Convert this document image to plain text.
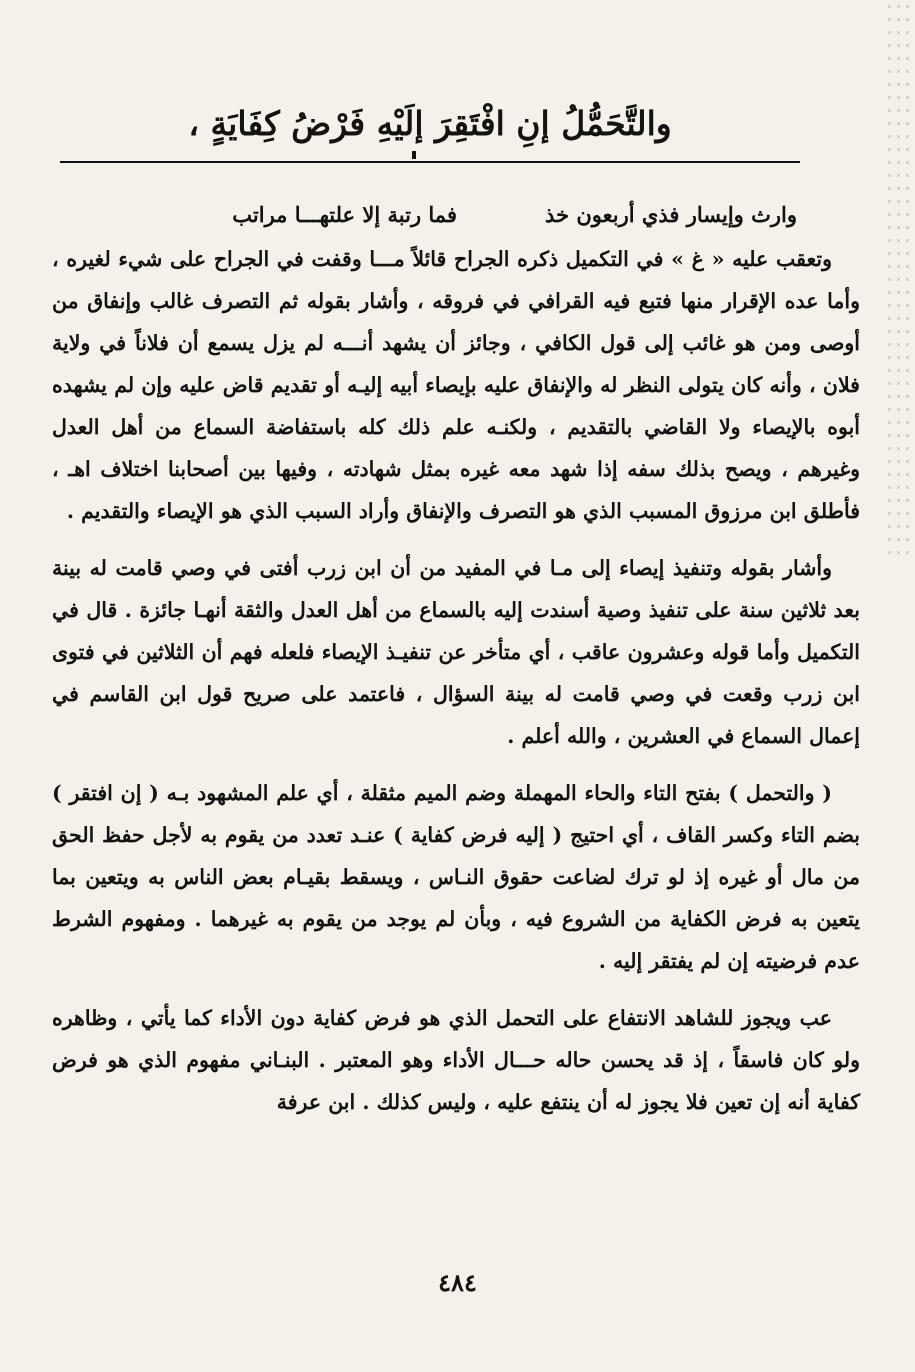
والتَّحَمُّلُ إنِ افْتَقِرَ إلَيْهِ فَرْضُ كِفَايَةٍ ،
وارث وإيسار فذي أربعون خذ
فما رتبة إلا علتهـــا مراتب

وتعقب عليه « غ » في التكميل ذكره الجراح قائلاً مـــا وقفت في الجراح على شيء لغيره ، وأما عده الإقرار منها فتبع فيه القرافي في فروقه ، وأشار بقوله ثم التصرف غالب وإنفاق من أوصى ومن هو غائب إلى قول الكافي ، وجائز أن يشهد أنـــه لم يزل يسمع أن فلاناً في ولاية فلان ، وأنه كان يتولى النظر له والإنفاق عليه بإيصاء أبيه إليـه أو تقديم قاض عليه وإن لم يشهده أبوه بالإيصاء ولا القاضي بالتقديم ، ولكنـه علم ذلك كله باستفاضة السماع من أهل العدل وغيرهم ، ويصح بذلك سفه إذا شهد معه غيره بمثل شهادته ، وفيها بين أصحابنا اختلاف اهـ ، فأطلق ابن مرزوق المسبب الذي هو التصرف والإنفاق وأراد السبب الذي هو الإيصاء والتقديم .

وأشار بقوله وتنفيذ إيصاء إلى مـا في المفيد من أن ابن زرب أفتى في وصي قامت له بينة بعد ثلاثين سنة على تنفيذ وصية أسندت إليه بالسماع من أهل العدل والثقة أنهـا جائزة . قال في التكميل وأما قوله وعشرون عاقب ، أي متأخر عن تنفيـذ الإيصاء فلعله فهم أن الثلاثين في فتوى ابن زرب وقعت في وصي قامت له بينة السؤال ، فاعتمد على صريح قول ابن القاسم في إعمال السماع في العشرين ، والله أعلم .

( والتحمل ) بفتح التاء والحاء المهملة وضم الميم مثقلة ، أي علم المشهود بـه ( إن افتقر ) بضم التاء وكسر القاف ، أي احتيج ( إليه فرض كفاية ) عنـد تعدد من يقوم به لأجل حفظ الحق من مال أو غيره إذ لو ترك لضاعت حقوق النـاس ، ويسقط بقيـام بعض الناس به ويتعين بما يتعين به فرض الكفاية من الشروع فيه ، وبأن لم يوجد من يقوم به غيرهما . ومفهوم الشرط عدم فرضيته إن لم يفتقر إليه .

عب ويجوز للشاهد الانتفاع على التحمل الذي هو فرض كفاية دون الأداء كما يأتي ، وظاهره ولو كان فاسقاً ، إذ قد يحسن حاله حـــال الأداء وهو المعتبر . البنـاني مفهوم الذي هو فرض كفاية أنه إن تعين فلا يجوز له أن ينتفع عليه ، وليس كذلك . ابن عرفة

٤٨٤
